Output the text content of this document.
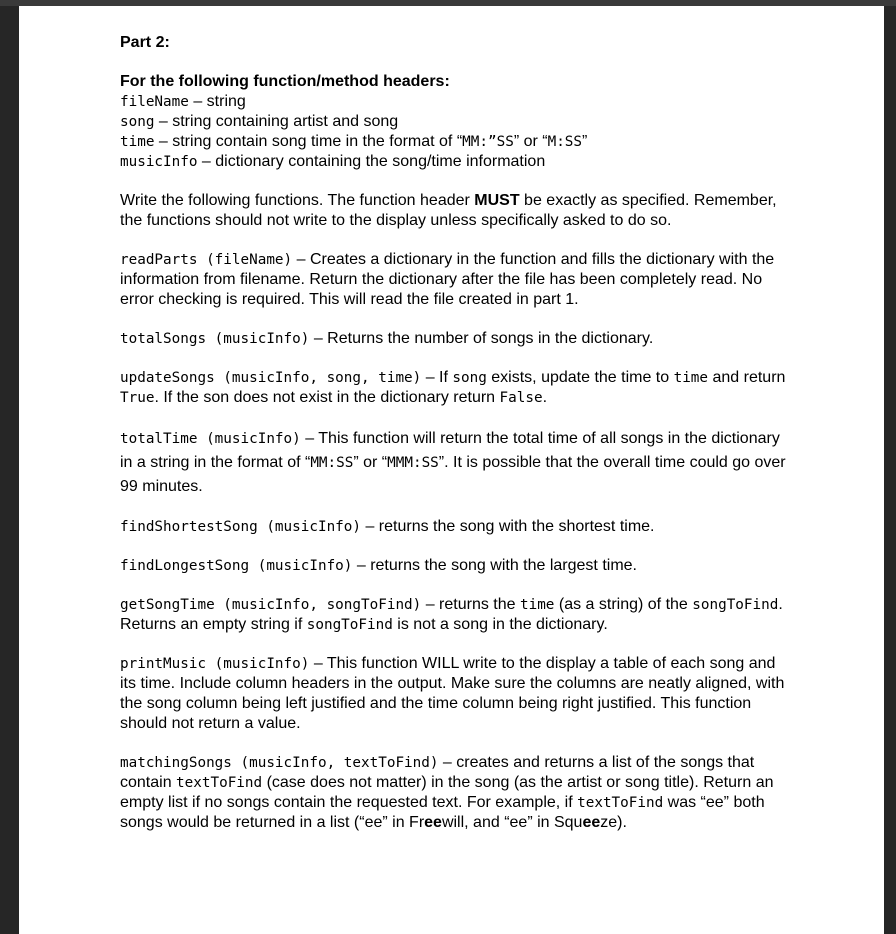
Part 2:

For the following function/method headers:

fileName – string

song – string containing artist and song

time – string contain song time in the format of “MM:”SS” or “M:SS”

musicInfo – dictionary containing the song/time information

Write the following functions. The function header MUST be exactly as specified. Remember, the functions should not write to the display unless specifically asked to do so.

readParts (fileName) – Creates a dictionary in the function and fills the dictionary with the information from filename. Return the dictionary after the file has been completely read. No error checking is required. This will read the file created in part 1.

totalSongs (musicInfo) – Returns the number of songs in the dictionary.

updateSongs (musicInfo, song, time) – If song exists, update the time to time and return True. If the son does not exist in the dictionary return False.

totalTime (musicInfo) – This function will return the total time of all songs in the dictionary in a string in the format of “MM:SS” or “MMM:SS”. It is possible that the overall time could go over 99 minutes.

findShortestSong (musicInfo) – returns the song with the shortest time.

findLongestSong (musicInfo) – returns the song with the largest time.

getSongTime (musicInfo, songToFind) – returns the time (as a string) of the songToFind. Returns an empty string if songToFind is not a song in the dictionary.

printMusic (musicInfo) – This function WILL write to the display a table of each song and its time. Include column headers in the output. Make sure the columns are neatly aligned, with the song column being left justified and the time column being right justified. This function should not return a value.

matchingSongs (musicInfo, textToFind) – creates and returns a list of the songs that contain textToFind (case does not matter) in the song (as the artist or song title). Return an empty list if no songs contain the requested text. For example, if textToFind was “ee” both songs would be returned in a list (“ee” in Freewill, and “ee” in Squeeze).
